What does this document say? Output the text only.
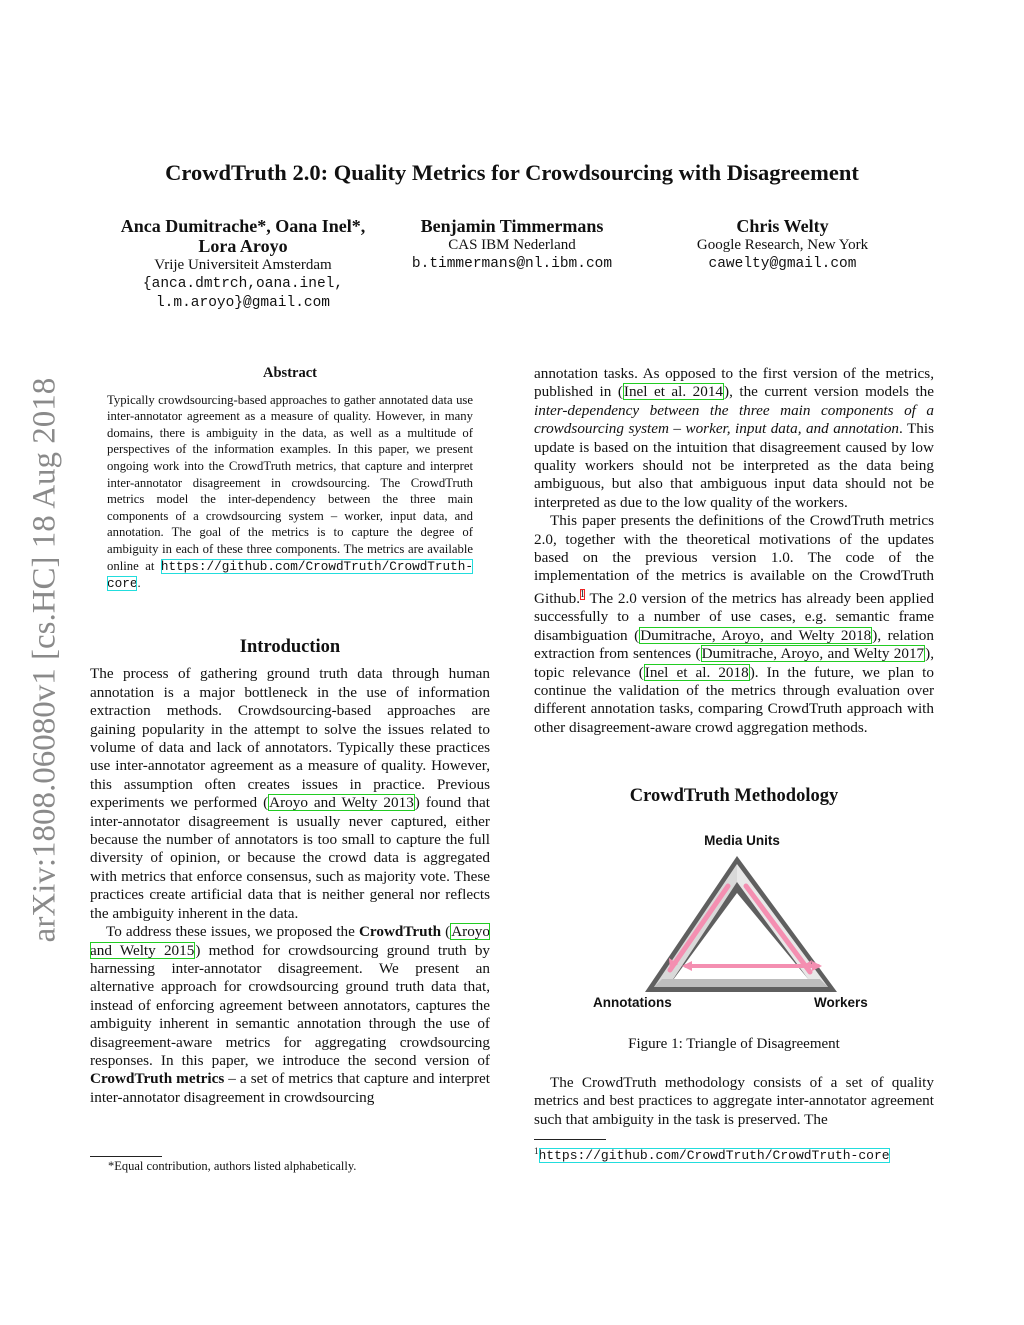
CrowdTruth 2.0: Quality Metrics for Crowdsourcing with Disagreement
Anca Dumitrache*, Oana Inel*,
Lora Aroyo
Vrije Universiteit Amsterdam
{anca.dmtrch,oana.inel,
l.m.aroyo}@gmail.com
Benjamin Timmermans
CAS IBM Nederland
b.timmermans@nl.ibm.com
Chris Welty
Google Research, New York
cawelty@gmail.com
arXiv:1808.06080v1 [cs.HC] 18 Aug 2018
Abstract

Typically crowdsourcing-based approaches to gather annotated data use inter-annotator agreement as a measure of quality. However, in many domains, there is ambiguity in the data, as well as a multitude of perspectives of the information examples. In this paper, we present ongoing work into the CrowdTruth metrics, that capture and interpret inter-annotator disagreement in crowdsourcing. The CrowdTruth metrics model the inter-dependency between the three main components of a crowdsourcing system – worker, input data, and annotation. The goal of the metrics is to capture the degree of ambiguity in each of these three components. The metrics are available online at https://github.com/CrowdTruth/CrowdTruth-core.

Introduction

The process of gathering ground truth data through human annotation is a major bottleneck in the use of information extraction methods. Crowdsourcing-based approaches are gaining popularity in the attempt to solve the issues related to volume of data and lack of annotators. Typically these practices use inter-annotator agreement as a measure of quality. However, this assumption often creates issues in practice. Previous experiments we performed (Aroyo and Welty 2013) found that inter-annotator disagreement is usually never captured, either because the number of annotators is too small to capture the full diversity of opinion, or because the crowd data is aggregated with metrics that enforce consensus, such as majority vote. These practices create artificial data that is neither general nor reflects the ambiguity inherent in the data.

To address these issues, we proposed the CrowdTruth (Aroyo and Welty 2015) method for crowdsourcing ground truth by harnessing inter-annotator disagreement. We present an alternative approach for crowdsourcing ground truth data that, instead of enforcing agreement between annotators, captures the ambiguity inherent in semantic annotation through the use of disagreement-aware metrics for aggregating crowdsourcing responses. In this paper, we introduce the second version of CrowdTruth metrics – a set of metrics that capture and interpret inter-annotator disagreement in crowdsourcing

*Equal contribution, authors listed alphabetically.

annotation tasks. As opposed to the first version of the metrics, published in (Inel et al. 2014), the current version models the inter-dependency between the three main components of a crowdsourcing system – worker, input data, and annotation. This update is based on the intuition that disagreement caused by low quality workers should not be interpreted as the data being ambiguous, but also that ambiguous input data should not be interpreted as due to the low quality of the workers.

This paper presents the definitions of the CrowdTruth metrics 2.0, together with the theoretical motivations of the updates based on the previous version 1.0. The code of the implementation of the metrics is available on the CrowdTruth Github.$^1$ The 2.0 version of the metrics has already been applied successfully to a number of use cases, e.g. semantic frame disambiguation (Dumitrache, Aroyo, and Welty 2018), relation extraction from sentences (Dumitrache, Aroyo, and Welty 2017), topic relevance (Inel et al. 2018). In the future, we plan to continue the validation of the metrics through evaluation over different annotation tasks, comparing CrowdTruth approach with other disagreement-aware crowd aggregation methods.

CrowdTruth Methodology
Media Units
Annotations	Workers
Figure 1: Triangle of Disagreement
The CrowdTruth methodology consists of a set of quality metrics and best practices to aggregate inter-annotator agreement such that ambiguity in the task is preserved. The
$^1$https://github.com/CrowdTruth/CrowdTruth-core
